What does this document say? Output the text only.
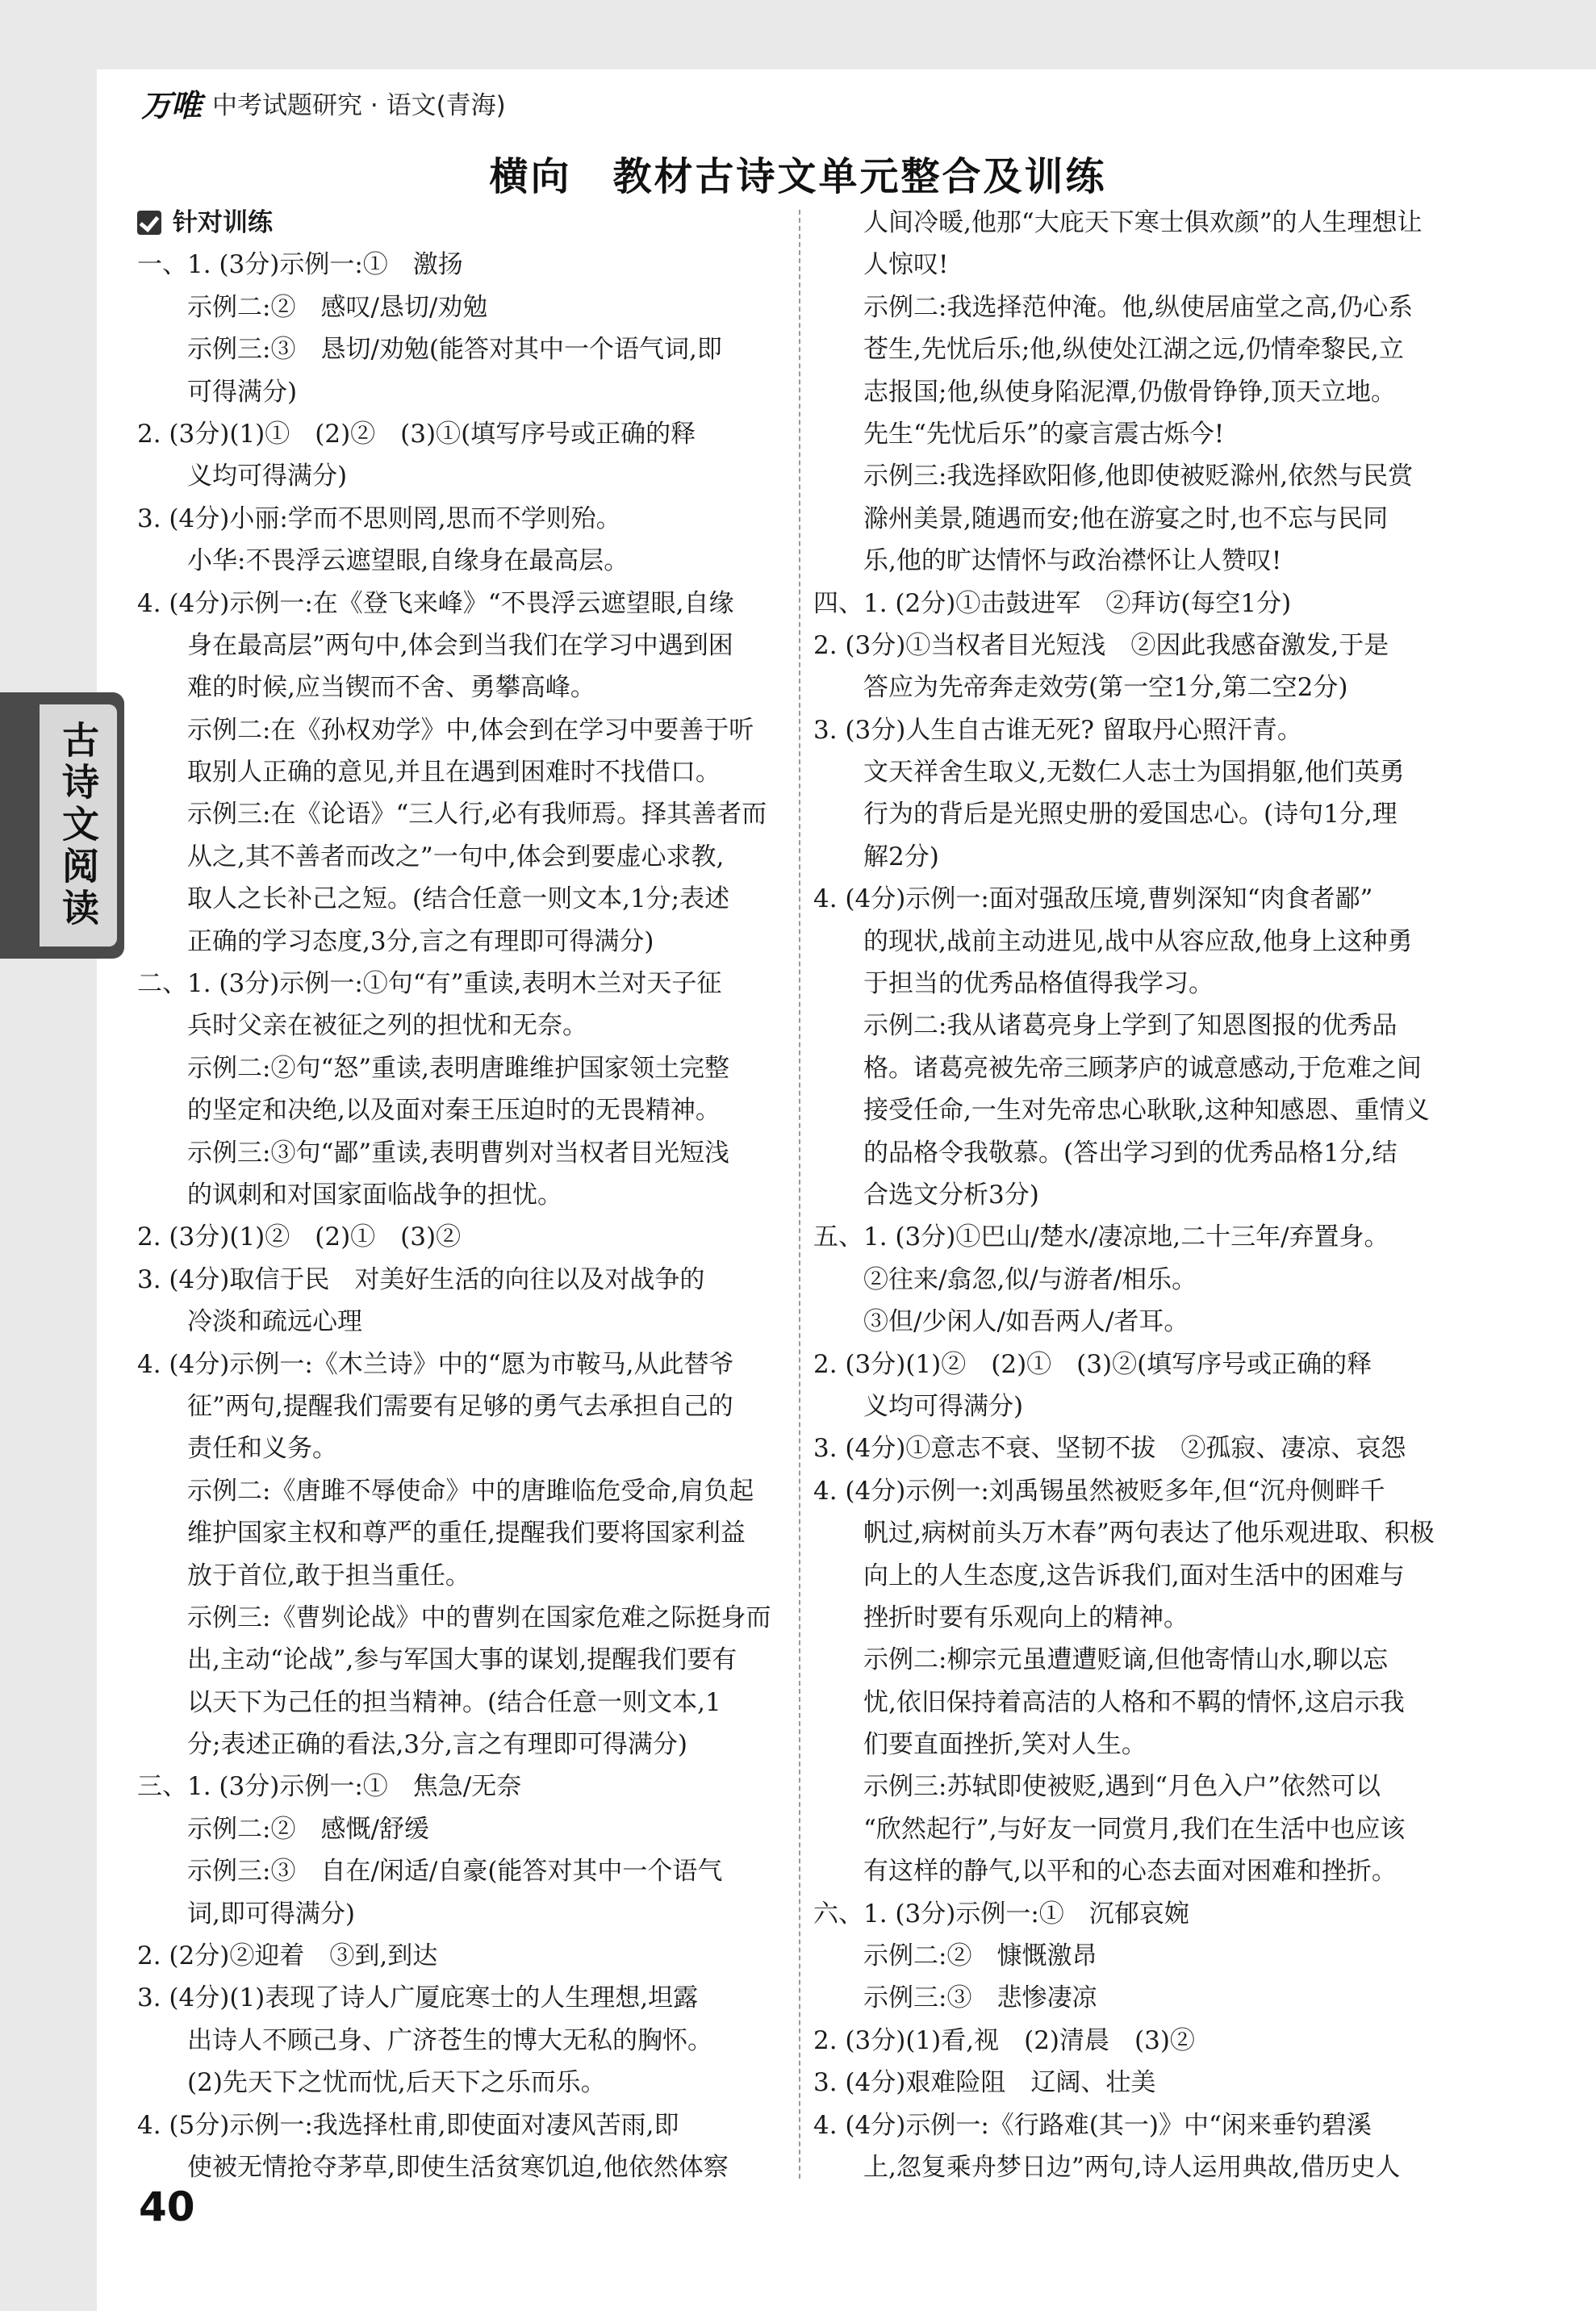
万唯 中考试题研究 · 语文(青海)
横向　教材古诗文单元整合及训练
古诗文阅读
针对训练
一、1. (3分)示例一:①　激扬
　　示例二:②　感叹/恳切/劝勉
　　示例三:③　恳切/劝勉(能答对其中一个语气词,即
　　可得满分)
2. (3分)(1)①　(2)②　(3)①(填写序号或正确的释
　　义均可得满分)
3. (4分)小丽:学而不思则罔,思而不学则殆。
　　小华:不畏浮云遮望眼,自缘身在最高层。
4. (4分)示例一:在《登飞来峰》“不畏浮云遮望眼,自缘
　　身在最高层”两句中,体会到当我们在学习中遇到困
　　难的时候,应当锲而不舍、勇攀高峰。
　　示例二:在《孙权劝学》中,体会到在学习中要善于听
　　取别人正确的意见,并且在遇到困难时不找借口。
　　示例三:在《论语》“三人行,必有我师焉。择其善者而
　　从之,其不善者而改之”一句中,体会到要虚心求教,
　　取人之长补己之短。(结合任意一则文本,1分;表述
　　正确的学习态度,3分,言之有理即可得满分)
二、1. (3分)示例一:①句“有”重读,表明木兰对天子征
　　兵时父亲在被征之列的担忧和无奈。
　　示例二:②句“怒”重读,表明唐雎维护国家领土完整
　　的坚定和决绝,以及面对秦王压迫时的无畏精神。
　　示例三:③句“鄙”重读,表明曹刿对当权者目光短浅
　　的讽刺和对国家面临战争的担忧。
2. (3分)(1)②　(2)①　(3)②
3. (4分)取信于民　对美好生活的向往以及对战争的
　　冷淡和疏远心理
4. (4分)示例一:《木兰诗》中的“愿为市鞍马,从此替爷
　　征”两句,提醒我们需要有足够的勇气去承担自己的
　　责任和义务。
　　示例二:《唐雎不辱使命》中的唐雎临危受命,肩负起
　　维护国家主权和尊严的重任,提醒我们要将国家利益
　　放于首位,敢于担当重任。
　　示例三:《曹刿论战》中的曹刿在国家危难之际挺身而
　　出,主动“论战”,参与军国大事的谋划,提醒我们要有
　　以天下为己任的担当精神。(结合任意一则文本,1
　　分;表述正确的看法,3分,言之有理即可得满分)
三、1. (3分)示例一:①　焦急/无奈
　　示例二:②　感慨/舒缓
　　示例三:③　自在/闲适/自豪(能答对其中一个语气
　　词,即可得满分)
2. (2分)②迎着　③到,到达
3. (4分)(1)表现了诗人广厦庇寒士的人生理想,坦露
　　出诗人不顾己身、广济苍生的博大无私的胸怀。
　　(2)先天下之忧而忧,后天下之乐而乐。
4. (5分)示例一:我选择杜甫,即使面对凄风苦雨,即
　　使被无情抢夺茅草,即使生活贫寒饥迫,他依然体察
　　人间冷暖,他那“大庇天下寒士俱欢颜”的人生理想让
　　人惊叹!
　　示例二:我选择范仲淹。他,纵使居庙堂之高,仍心系
　　苍生,先忧后乐;他,纵使处江湖之远,仍情牵黎民,立
　　志报国;他,纵使身陷泥潭,仍傲骨铮铮,顶天立地。
　　先生“先忧后乐”的豪言震古烁今!
　　示例三:我选择欧阳修,他即使被贬滁州,依然与民赏
　　滁州美景,随遇而安;他在游宴之时,也不忘与民同
　　乐,他的旷达情怀与政治襟怀让人赞叹!
四、1. (2分)①击鼓进军　②拜访(每空1分)
2. (3分)①当权者目光短浅　②因此我感奋激发,于是
　　答应为先帝奔走效劳(第一空1分,第二空2分)
3. (3分)人生自古谁无死? 留取丹心照汗青。
　　文天祥舍生取义,无数仁人志士为国捐躯,他们英勇
　　行为的背后是光照史册的爱国忠心。(诗句1分,理
　　解2分)
4. (4分)示例一:面对强敌压境,曹刿深知“肉食者鄙”
　　的现状,战前主动进见,战中从容应敌,他身上这种勇
　　于担当的优秀品格值得我学习。
　　示例二:我从诸葛亮身上学到了知恩图报的优秀品
　　格。诸葛亮被先帝三顾茅庐的诚意感动,于危难之间
　　接受任命,一生对先帝忠心耿耿,这种知感恩、重情义
　　的品格令我敬慕。(答出学习到的优秀品格1分,结
　　合选文分析3分)
五、1. (3分)①巴山/楚水/凄凉地,二十三年/弃置身。
　　②往来/翕忽,似/与游者/相乐。
　　③但/少闲人/如吾两人/者耳。
2. (3分)(1)②　(2)①　(3)②(填写序号或正确的释
　　义均可得满分)
3. (4分)①意志不衰、坚韧不拔　②孤寂、凄凉、哀怨
4. (4分)示例一:刘禹锡虽然被贬多年,但“沉舟侧畔千
　　帆过,病树前头万木春”两句表达了他乐观进取、积极
　　向上的人生态度,这告诉我们,面对生活中的困难与
　　挫折时要有乐观向上的精神。
　　示例二:柳宗元虽遭遭贬谪,但他寄情山水,聊以忘
　　忧,依旧保持着高洁的人格和不羁的情怀,这启示我
　　们要直面挫折,笑对人生。
　　示例三:苏轼即使被贬,遇到“月色入户”依然可以
　　“欣然起行”,与好友一同赏月,我们在生活中也应该
　　有这样的静气,以平和的心态去面对困难和挫折。
六、1. (3分)示例一:①　沉郁哀婉
　　示例二:②　慷慨激昂
　　示例三:③　悲惨凄凉
2. (3分)(1)看,视　(2)清晨　(3)②
3. (4分)艰难险阻　辽阔、壮美
4. (4分)示例一:《行路难(其一)》中“闲来垂钓碧溪
　　上,忽复乘舟梦日边”两句,诗人运用典故,借历史人
40
